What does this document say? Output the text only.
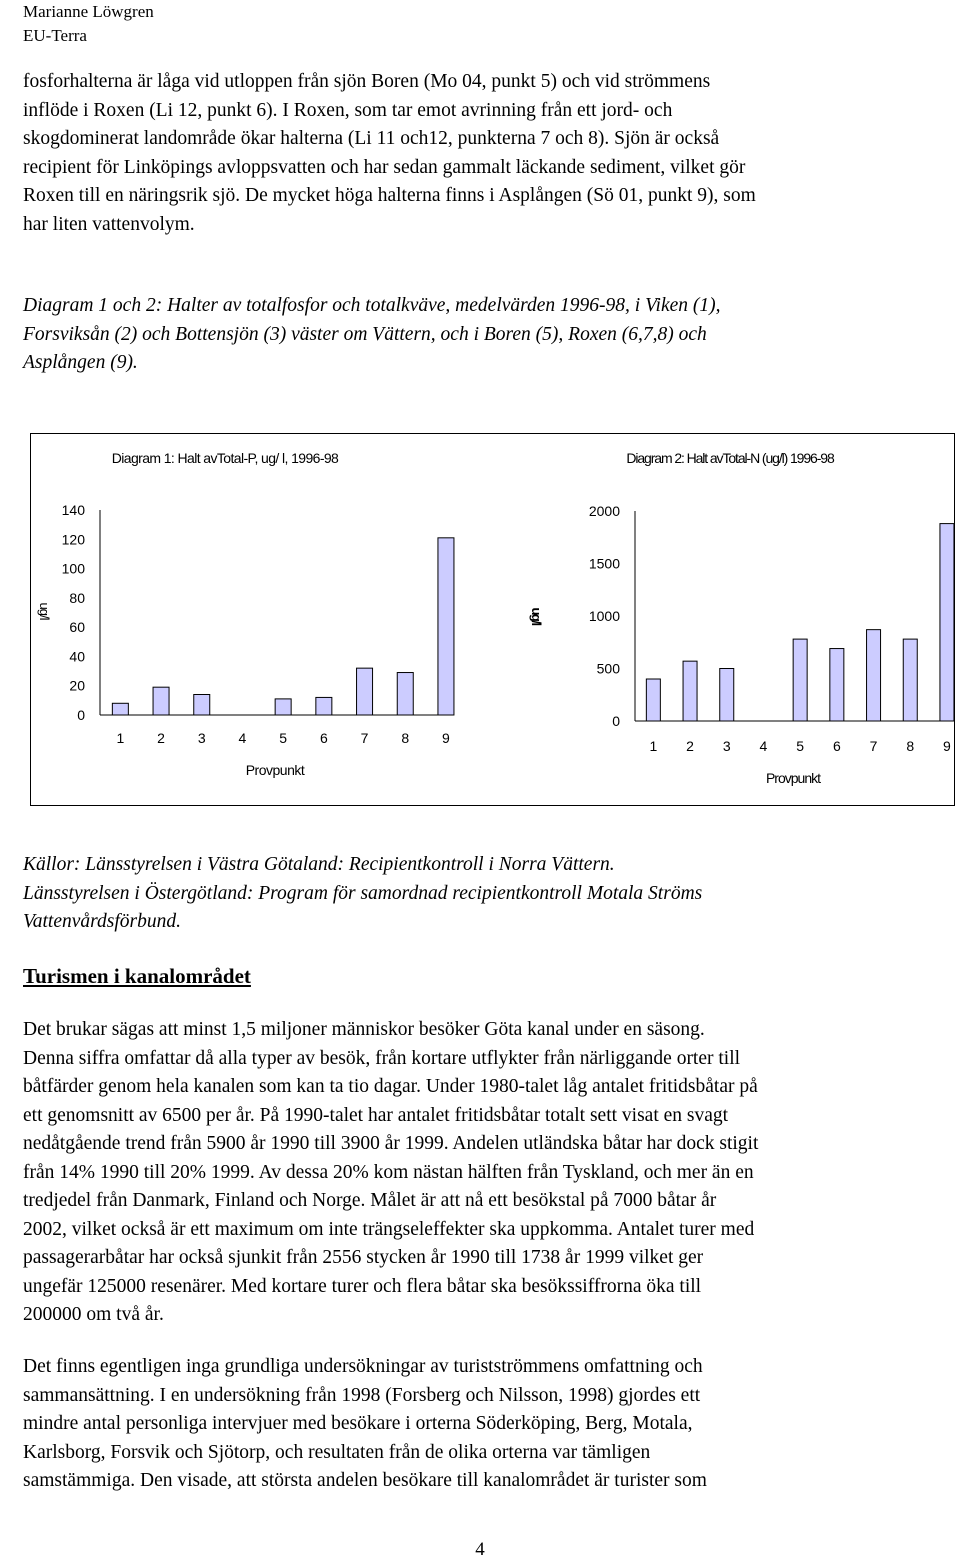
Marianne Löwgren
EU-Terra
fosforhalterna är låga vid utloppen från sjön Boren (Mo 04, punkt 5) och vid strömmens
inflöde i Roxen (Li 12, punkt 6). I Roxen, som tar emot avrinning från ett jord- och
skogdominerat landområde ökar halterna (Li 11 och12, punkterna 7 och 8). Sjön är också
recipient för Linköpings avloppsvatten och har sedan gammalt läckande sediment, vilket gör
Roxen till en näringsrik sjö. De mycket höga halterna finns i Asplången (Sö 01, punkt 9), som
har liten vattenvolym.
Diagram 1 och 2: Halter av totalfosfor och totalkväve, medelvärden 1996-98, i Viken (1),
Forsviksån (2) och Bottensjön (3) väster om Vättern, och i Boren (5), Roxen (6,7,8) och
Asplången (9).
Diagram 1: Halt avTotal-P, ug/ l, 1996-98
ug/l
Provpunkt
0
20
40
60
80
100
120
140
1 2 3 4 5 6 7 8 9
Diagram 2: Halt avTotal-N (ug/l) 1996-98
ug/l
Provpunkt
0
500
1000
1500
2000
1 2 3 4 5 6 7 8 9
Källor: Länsstyrelsen i Västra Götaland: Recipientkontroll i Norra Vättern.
Länsstyrelsen i Östergötland: Program för samordnad recipientkontroll Motala Ströms
Vattenvårdsförbund.
Turismen i kanalområdet
Det brukar sägas att minst 1,5 miljoner människor besöker Göta kanal under en säsong.
Denna siffra omfattar då alla typer av besök, från kortare utflykter från närliggande orter till
båtfärder genom hela kanalen som kan ta tio dagar. Under 1980-talet låg antalet fritidsbåtar på
ett genomsnitt av 6500 per år. På 1990-talet har antalet fritidsbåtar totalt sett visat en svagt
nedåtgående trend från 5900 år 1990 till 3900 år 1999. Andelen utländska båtar har dock stigit
från 14% 1990 till 20% 1999. Av dessa 20% kom nästan hälften från Tyskland, och mer än en
tredjedel från Danmark, Finland och Norge. Målet är att nå ett besökstal på 7000 båtar år
2002, vilket också är ett maximum om inte trängseleffekter ska uppkomma. Antalet turer med
passagerarbåtar har också sjunkit från 2556 stycken år 1990 till 1738 år 1999 vilket ger
ungefär 125000 resenärer. Med kortare turer och flera båtar ska besökssiffrorna öka till
200000 om två år.
Det finns egentligen inga grundliga undersökningar av turistströmmens omfattning och
sammansättning. I en undersökning från 1998 (Forsberg och Nilsson, 1998) gjordes ett
mindre antal personliga intervjuer med besökare i orterna Söderköping, Berg, Motala,
Karlsborg, Forsvik och Sjötorp, och resultaten från de olika orterna var tämligen
samstämmiga. Den visade, att största andelen besökare till kanalområdet är turister som
4
